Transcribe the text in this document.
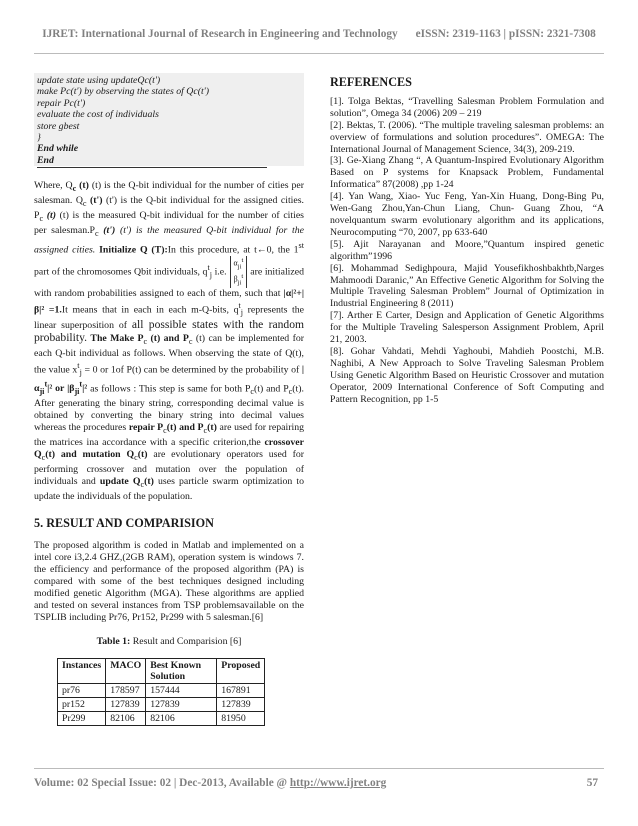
IJRET: International Journal of Research in Engineering and Technology eISSN: 2319-1163 | pISSN: 2321-7308
update state using updateQc(t')
make Pc(t') by observing the states of Qc(t')
repair Pc(t')
evaluate the cost of individuals
store gbest
}
End while
End

Where, $Q_c$ (t) (t) is the Q-bit individual for the number of cities per salesman. $Q_c$ (t') (t') is the Q-bit individual for the assigned cities. $P_c$ (t) (t) is the measured Q-bit individual for the number of cities per $salesman.P_c$ (t') (t') is the measured Q-bit individual for the assigned cities. Initialize Q (T):In this procedure, at t←0, the 1st part of the chromosomes Qbit individuals, $q^t_j$ $i.e.\alpha_{ji}^t$
$\beta_{ji}^t$ are initialized with random probabilities assigned to each of them, such that |α|²+|β|² =1.It means that in each in each m-Q-bits, $q^t_j$ represents the linear superposition of all possible states with the random probability. The Make $P_c$ (t) and $P_c$ (t) can be implemented for each Q-bit individual as follows. When observing the state of Q(t), the value $x^t_j = 0$ or 1of P(t) can be determined by the probability of $|\alpha_{ji}^t|^2$ or $|\beta_{ji}^t|^2$ as follows : This step is same for both $P_c(t)$ and $P_c(t)$. After generating the binary string, corresponding decimal value is obtained by converting the binary string into decimal values whereas the procedures repair $P_c(t)$ and $P_c(t)$ are used for repairing the matrices ina accordance with a specific criterion,the crossover $Q_c(t)$ and mutation $Q_c(t)$ are evolutionary operators used for performing crossover and mutation over the population of individuals and update $Q_c(t)$ uses particle swarm optimization to update the individuals of the population.

5. RESULT AND COMPARISION

The proposed algorithm is coded in Matlab and implemented on a intel core i3,2.4 GHZ,(2GB RAM), operation system is windows 7. the efficiency and performance of the proposed algorithm (PA) is compared with some of the best techniques designed including modified genetic Algorithm (MGA). These algorithms are applied and tested on several instances from TSP problemsavailable on the TSPLIB including Pr76, Pr152, Pr299 with 5 salesman.[6]

Table 1: Result and Comparision [6]
Instances	MACO	Best Known Solution	Proposed
pr76	178597	157444	167891
pr152	127839	127839	127839
Pr299	82106	82106	81950
REFERENCES

[1]. Tolga Bektas, “Travelling Salesman Problem Formulation and solution”, Omega 34 (2006) 209 – 219

[2]. Bektas, T. (2006). “The multiple traveling salesman problems: an overview of formulations and solution procedures”. OMEGA: The International Journal of Management Science, 34(3), 209-219.

[3]. Ge-Xiang Zhang “, A Quantum-Inspired Evolutionary Algorithm Based on P systems for Knapsack Problem, Fundamental Informatica” 87(2008) ,pp 1-24

[4]. Yan Wang, Xiao- Yuc Feng, Yan-Xin Huang, Dong-Bing Pu, Wen-Gang Zhou,Yan-Chun Liang, Chun- Guang Zhou, “A novelquantum swarm evolutionary algorithm and its applications, Neurocomputing “70, 2007, pp 633-640

[5]. Ajit Narayanan and Moore,”Quantum inspired genetic algorithm”1996

[6]. Mohammad Sedighpoura, Majid Yousefikhoshbakhtb,Narges Mahmoodi Daranic,” An Effective Genetic Algorithm for Solving the Multiple Traveling Salesman Problem” Journal of Optimization in Industrial Engineering 8 (2011)

[7]. Arther E Carter, Design and Application of Genetic Algorithms for the Multiple Traveling Salesperson Assignment Problem, April 21, 2003.

[8]. Gohar Vahdati, Mehdi Yaghoubi, Mahdieh Poostchi, M.B. Naghibi, A New Approach to Solve Traveling Salesman Problem Using Genetic Algorithm Based on Heuristic Crossover and mutation Operator, 2009 International Conference of Soft Computing and Pattern Recognition, pp 1-5

Volume: 02 Special Issue: 02 | Dec-2013, Available @ http://www.ijret.org	57
